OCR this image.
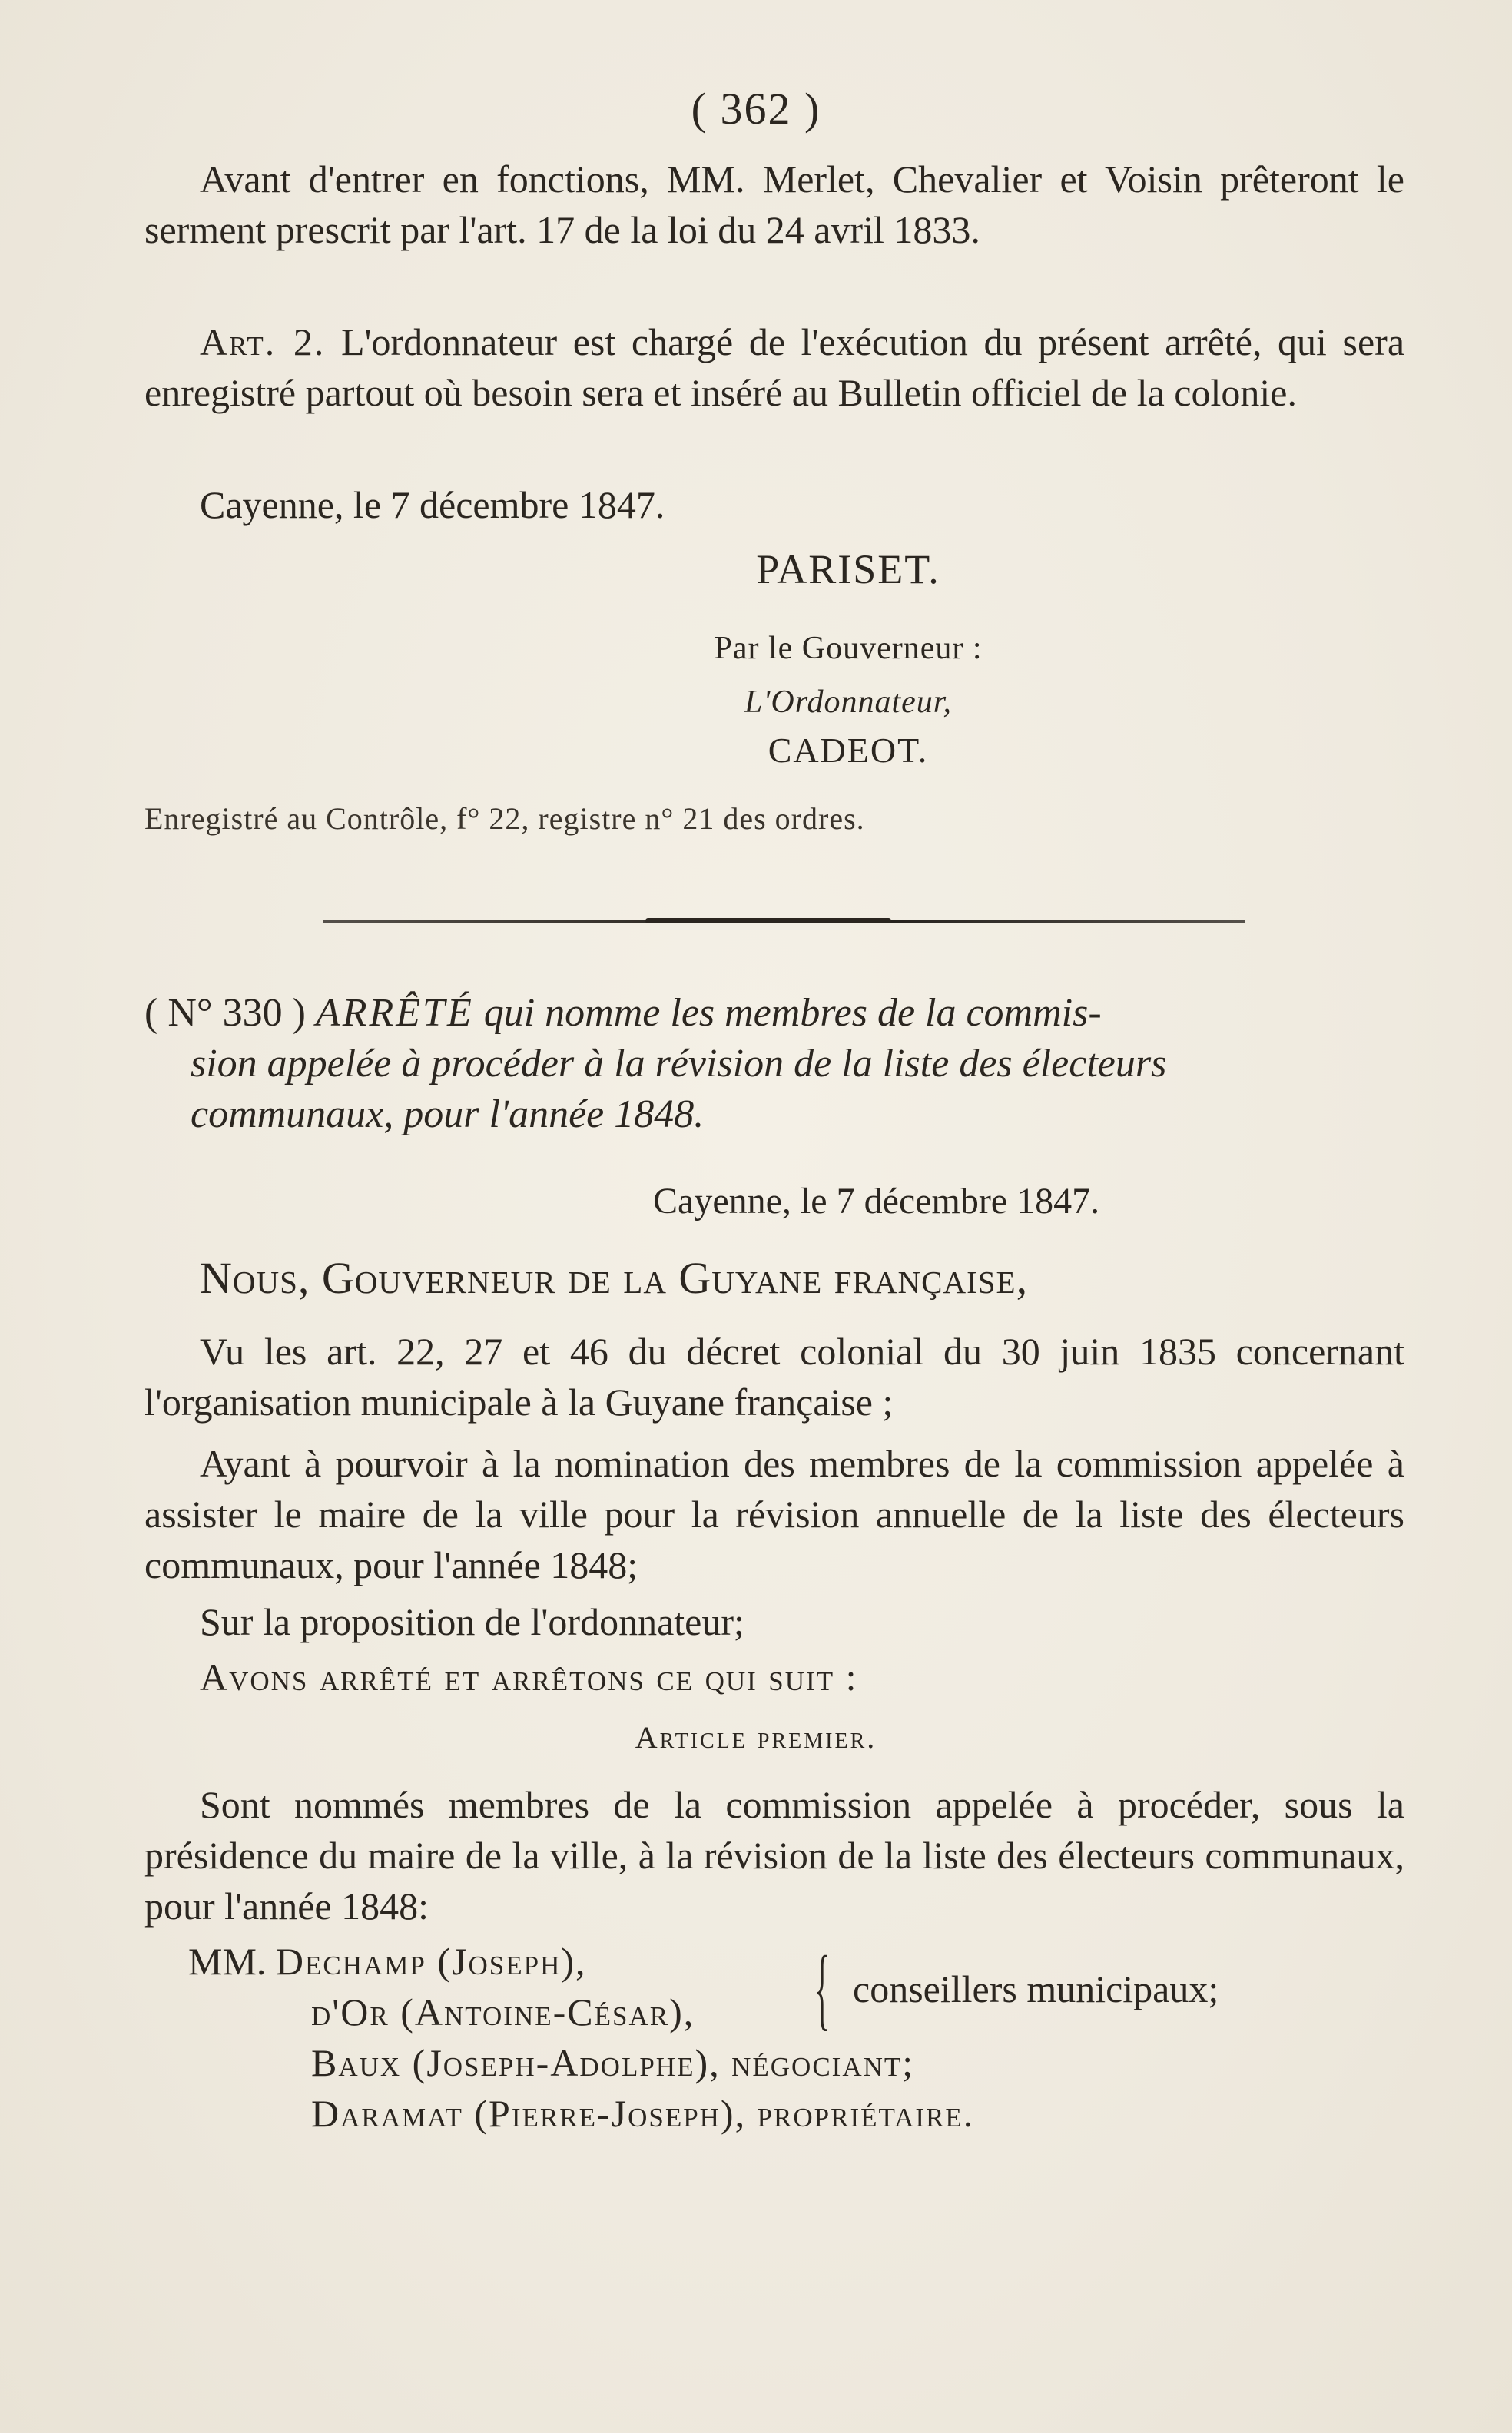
( 362 )
Avant d'entrer en fonctions, MM. Merlet, Chevalier et Voisin prêteront le serment prescrit par l'art. 17 de la loi du 24 avril 1833.
Art. 2. L'ordonnateur est chargé de l'exécution du présent arrêté, qui sera enregistré partout où besoin sera et inséré au Bulletin officiel de la colonie.
Cayenne, le 7 décembre 1847.
PARISET.
Par le Gouverneur :
L'Ordonnateur,
CADEOT.
Enregistré au Contrôle, f° 22, registre n° 21 des ordres.
( N° 330 ) ARRÊTÉ qui nomme les membres de la commis-
sion appelée à procéder à la révision de la liste des électeurs
communaux, pour l'année 1848.
Cayenne, le 7 décembre 1847.
Nous, Gouverneur de la Guyane française,
Vu les art. 22, 27 et 46 du décret colonial du 30 juin 1835 concernant l'organisation municipale à la Guyane française ;
Ayant à pourvoir à la nomination des membres de la commission appelée à assister le maire de la ville pour la révision annuelle de la liste des électeurs communaux, pour l'année 1848;
Sur la proposition de l'ordonnateur;
Avons arrêté et arrêtons ce qui suit :
Article premier.
Sont nommés membres de la commission appelée à procéder, sous la présidence du maire de la ville, à la révision de la liste des électeurs communaux, pour l'année 1848:
MM. Dechamp (Joseph),
d'Or (Antoine-César),
Baux (Joseph-Adolphe), négociant;
Daramat (Pierre-Joseph), propriétaire.
{ conseillers municipaux;
